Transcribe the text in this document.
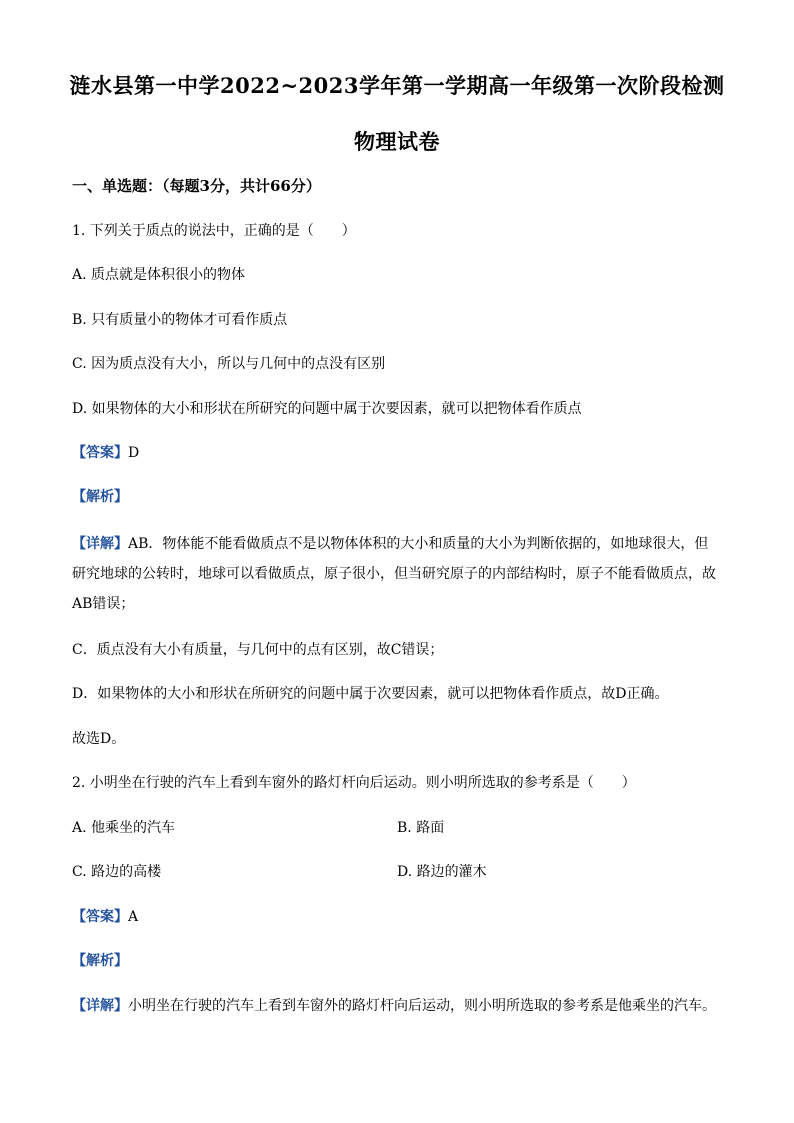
涟水县第一中学2022~2023学年第一学期高一年级第一次阶段检测
物理试卷
一、单选题：（每题3分，共计66分）
1. 下列关于质点的说法中，正确的是（　　）
A. 质点就是体积很小的物体
B. 只有质量小的物体才可看作质点
C. 因为质点没有大小，所以与几何中的点没有区别
D. 如果物体的大小和形状在所研究的问题中属于次要因素，就可以把物体看作质点
【答案】D
【解析】
【详解】AB．物体能不能看做质点不是以物体体积的大小和质量的大小为判断依据的，如地球很大，但研究地球的公转时，地球可以看做质点，原子很小，但当研究原子的内部结构时，原子不能看做质点，故AB错误；
C．质点没有大小有质量，与几何中的点有区别，故C错误；
D．如果物体的大小和形状在所研究的问题中属于次要因素，就可以把物体看作质点，故D正确。
故选D。
2. 小明坐在行驶的汽车上看到车窗外的路灯杆向后运动。则小明所选取的参考系是（　　）
A. 他乘坐的汽车	B. 路面
C. 路边的高楼	D. 路边的灌木
【答案】A
【解析】
【详解】小明坐在行驶的汽车上看到车窗外的路灯杆向后运动，则小明所选取的参考系是他乘坐的汽车。
